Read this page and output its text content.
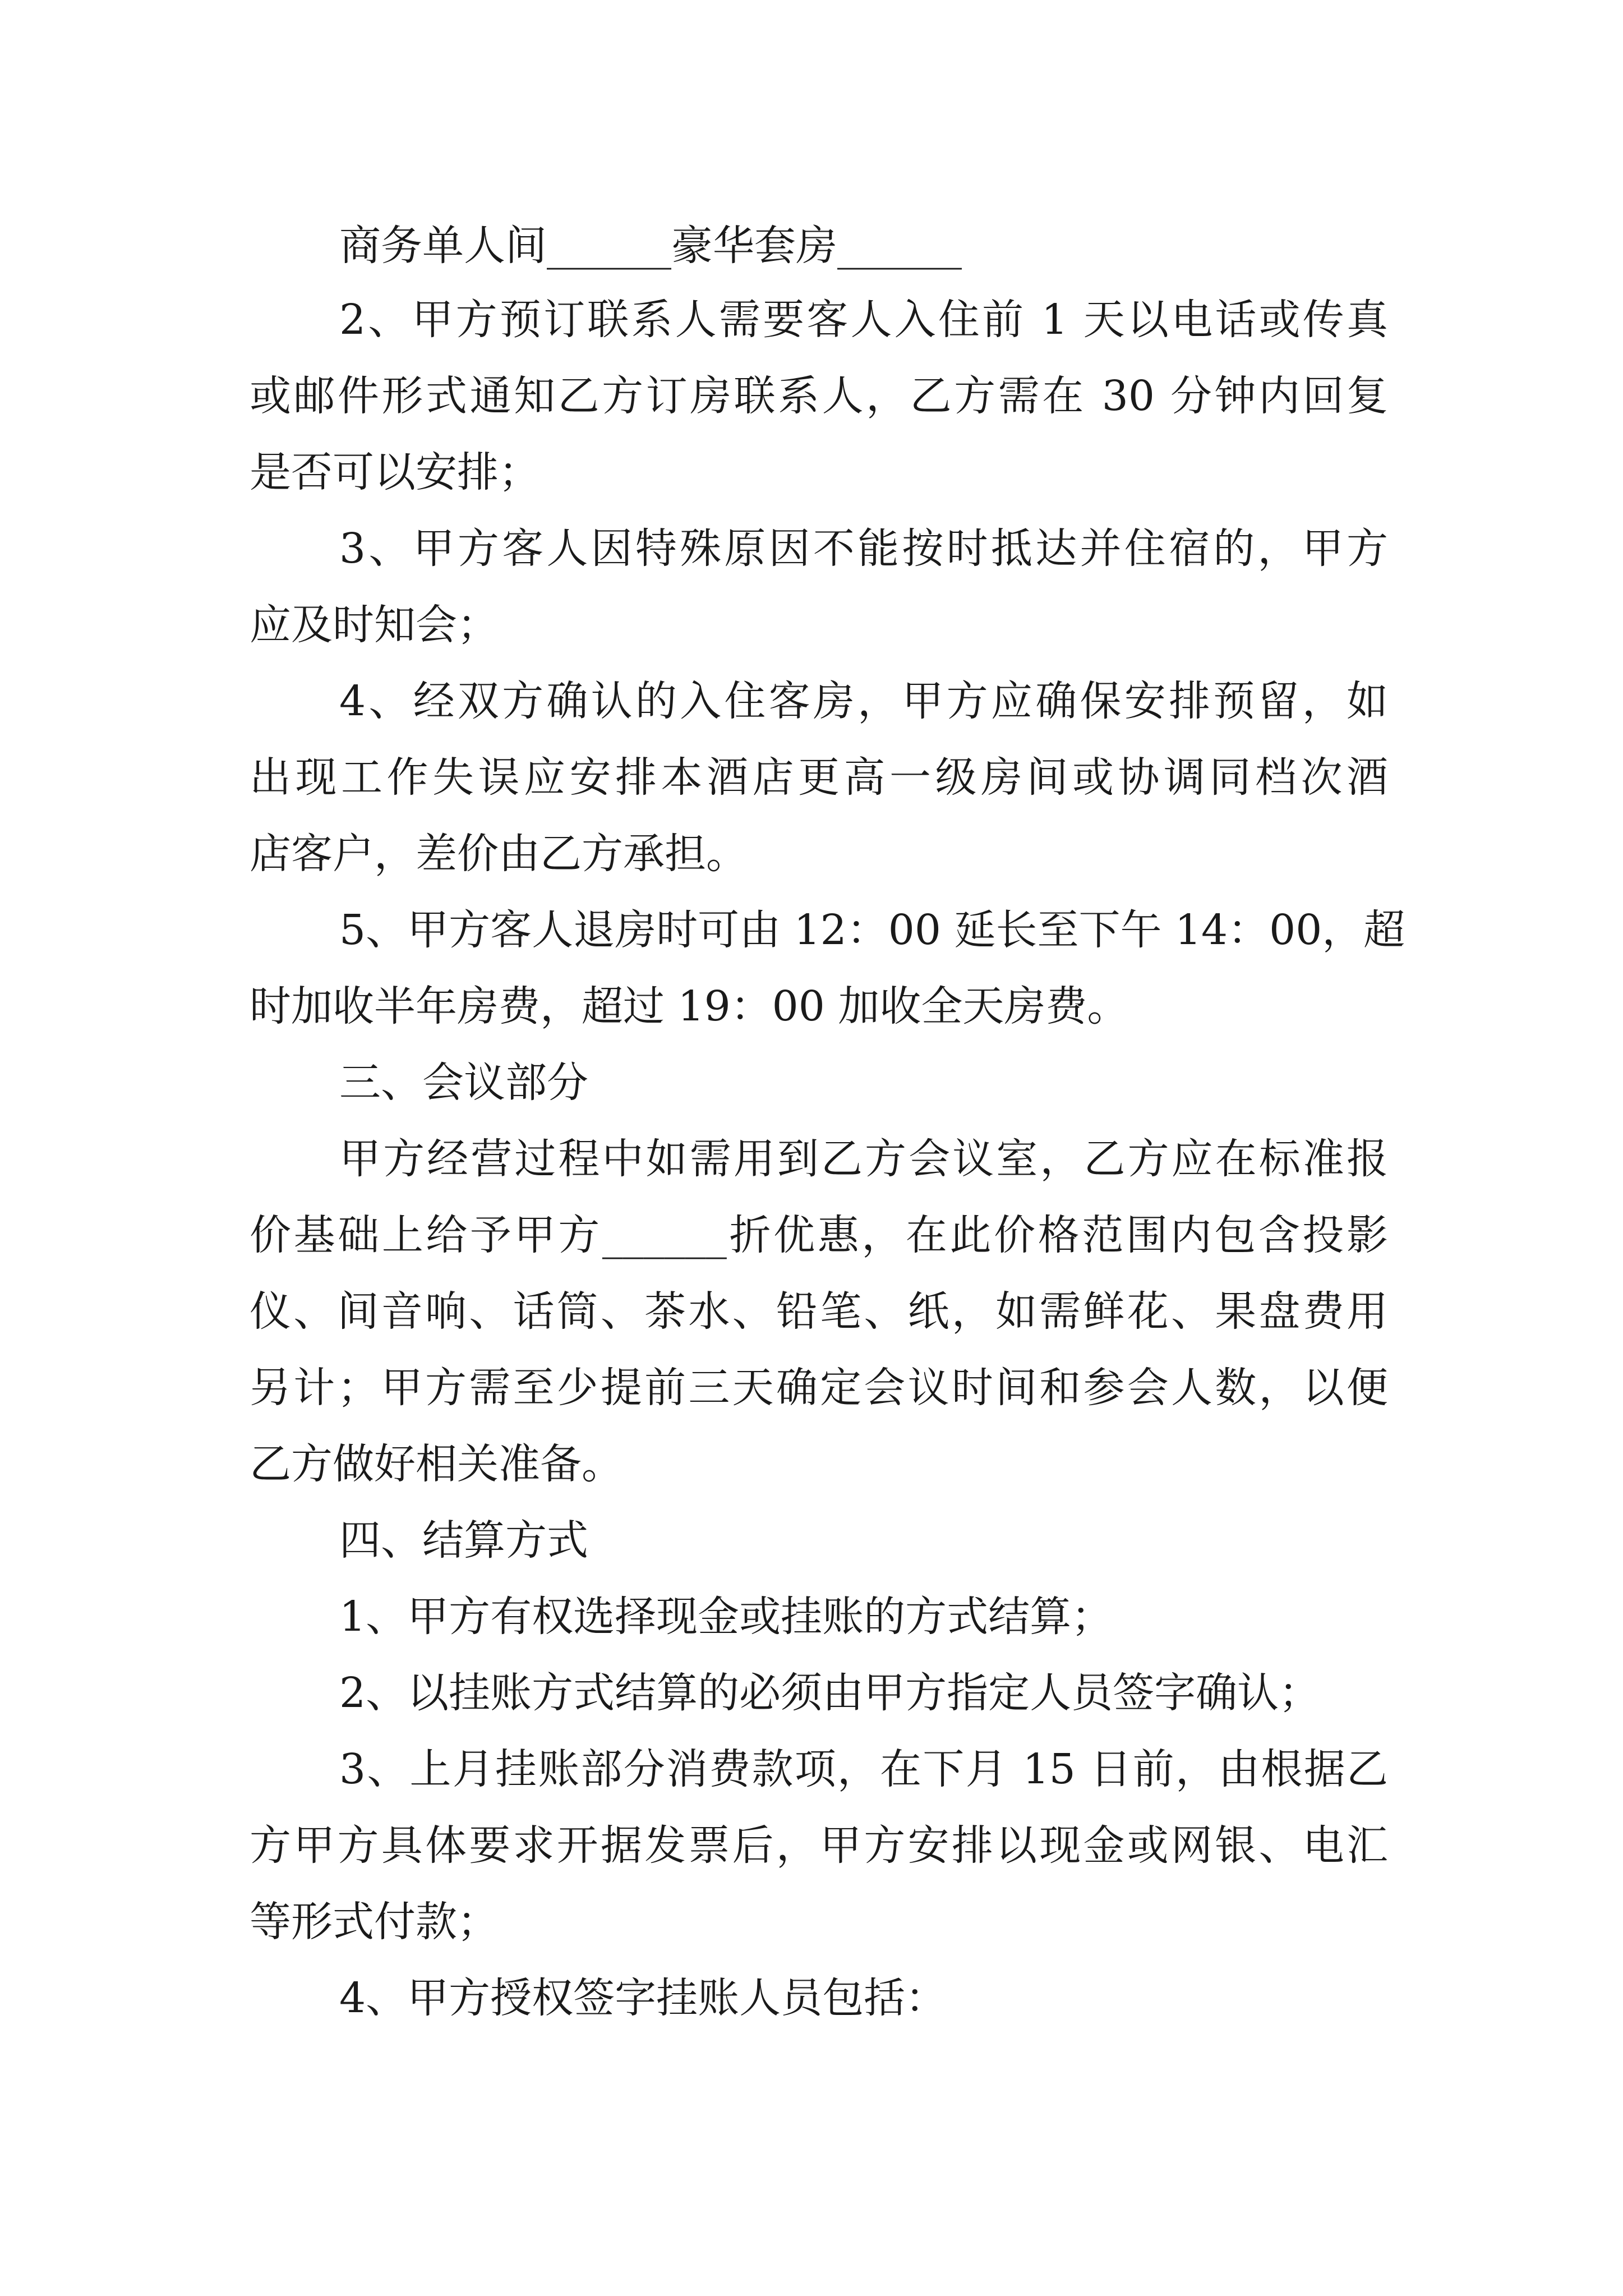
商务单人间______豪华套房______
2、甲方预订联系人需要客人入住前 1 天以电话或传真
或邮件形式通知乙方订房联系人，乙方需在 30 分钟内回复
是否可以安排；
3、甲方客人因特殊原因不能按时抵达并住宿的，甲方
应及时知会；
4、经双方确认的入住客房，甲方应确保安排预留，如
出现工作失误应安排本酒店更高一级房间或协调同档次酒
店客户，差价由乙方承担。
5、甲方客人退房时可由 12：00 延长至下午 14：00，超
时加收半年房费，超过 19：00 加收全天房费。
三、会议部分
甲方经营过程中如需用到乙方会议室，乙方应在标准报
价基础上给予甲方______折优惠，在此价格范围内包含投影
仪、间音响、话筒、茶水、铅笔、纸，如需鲜花、果盘费用
另计；甲方需至少提前三天确定会议时间和参会人数，以便
乙方做好相关准备。
四、结算方式
1、甲方有权选择现金或挂账的方式结算；
2、以挂账方式结算的必须由甲方指定人员签字确认；
3、上月挂账部分消费款项，在下月 15 日前，由根据乙
方甲方具体要求开据发票后，甲方安排以现金或网银、电汇
等形式付款；
4、甲方授权签字挂账人员包括：
